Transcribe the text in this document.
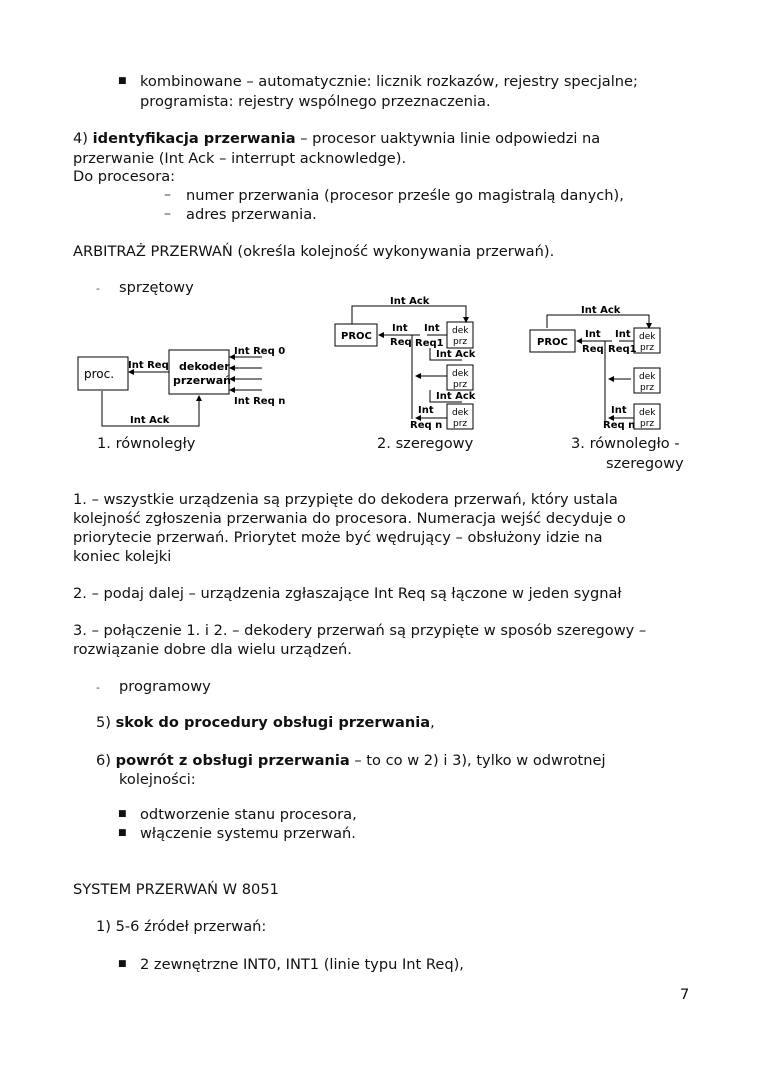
■ kombinowane – automatycznie: licznik rozkazów, rejestry specjalne;
programista: rejestry wspólnego przeznaczenia.
4) identyfikacja przerwania – procesor uaktywnia linie odpowiedzi na
przerwanie (Int Ack – interrupt acknowledge).
Do procesora:
– numer przerwania (procesor prześle go magistralą danych),
– adres przerwania.
ARBITRAŻ PRZERWAŃ (określa kolejność wykonywania przerwań).
- sprzętowy
proc.
dekoder
przerwań
Int Req
Int Req 0
Int Req n
Int Ack
Int Ack
PROC
Int
Req
Int
Req1
dek
prz
Int Ack
dek
prz
Int Ack
dek
prz
Int
Req n
Int Ack
PROC
Int
Req
Int
Req1
dek
prz
dek
prz
dek
prz
Int
Req n
1. równoległy	2. szeregowy	3. równoległo -
szeregowy
1. – wszystkie urządzenia są przypięte do dekodera przerwań, który ustala
kolejność zgłoszenia przerwania do procesora. Numeracja wejść decyduje o
priorytecie przerwań. Priorytet może być wędrujący – obsłużony idzie na
koniec kolejki
2. – podaj dalej – urządzenia zgłaszające Int Req są łączone w jeden sygnał
3. – połączenie 1. i 2. – dekodery przerwań są przypięte w sposób szeregowy –
rozwiązanie dobre dla wielu urządzeń.
- programowy
5) skok do procedury obsługi przerwania,
6) powrót z obsługi przerwania – to co w 2) i 3), tylko w odwrotnej
kolejności:
■ odtworzenie stanu procesora,
■ włączenie systemu przerwań.
SYSTEM PRZERWAŃ W 8051
1) 5-6 źródeł przerwań:
■ 2 zewnętrzne INT0, INT1 (linie typu Int Req),
7
